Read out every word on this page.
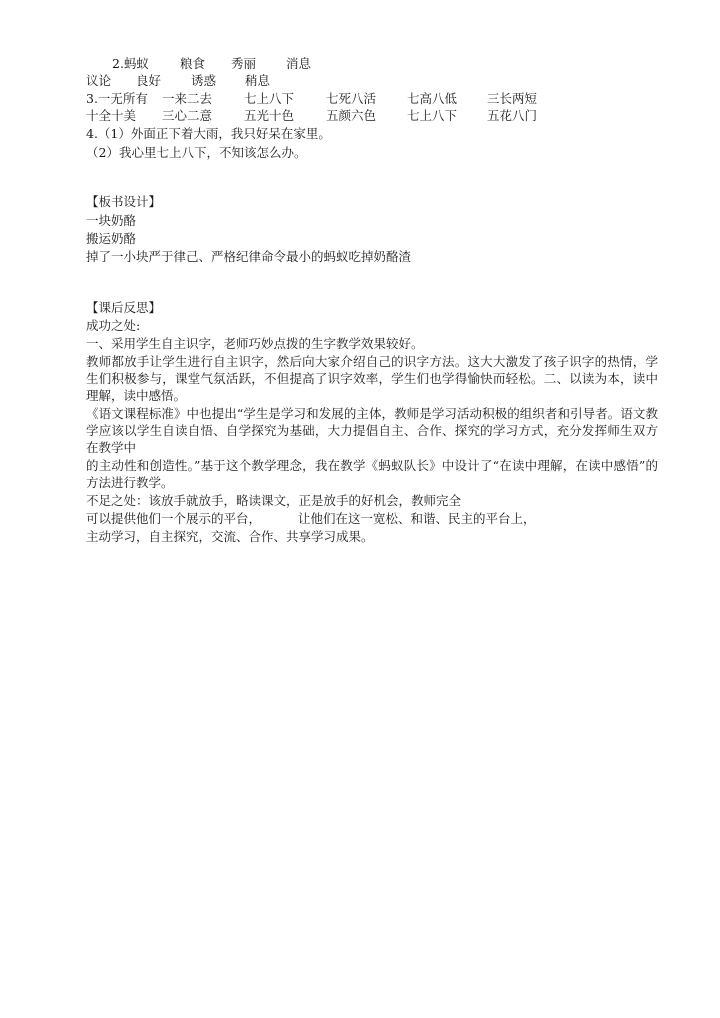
2.蚂蚁 粮食 秀丽 消息
议论 良好 诱惑 稍息
3.一无所有 一来二去	七上八下	七死八活 七高八低 三长两短
十全十美 三心二意	五光十色	五颜六色 七上八下 五花八门
4.（1）外面正下着大雨，我只好呆在家里。
（2）我心里七上八下，不知该怎么办。
【板书设计】
一块奶酪
搬运奶酪
掉了一小块严于律己、严格纪律命令最小的蚂蚁吃掉奶酪渣
【课后反思】
成功之处:
一、采用学生自主识字，老师巧妙点拨的生字教学效果较好。
教师都放手让学生进行自主识字，然后向大家介绍自己的识字方法。这大大激发了孩子识字的热情，学生们积极参与，课堂气氛活跃，不但提高了识字效率，学生们也学得愉快而轻松。二、以读为本，读中理解，读中感悟。
《语文课程标准》中也提出“学生是学习和发展的主体，教师是学习活动积极的组织者和引导者。语文教学应该以学生自读自悟、自学探究为基础，大力提倡自主、合作、探究的学习方式，充分发挥师生双方在教学中
的主动性和创造性。”基于这个教学理念，我在教学《蚂蚁队长》中设计了“在读中理解，在读中感悟”的方法进行教学。
不足之处：该放手就放手，略读课文，正是放手的好机会，教师完全
可以提供他们一个展示的平台，	让他们在这一宽松、和谐、民主的平台上，
主动学习，自主探究，交流、合作、共享学习成果。
